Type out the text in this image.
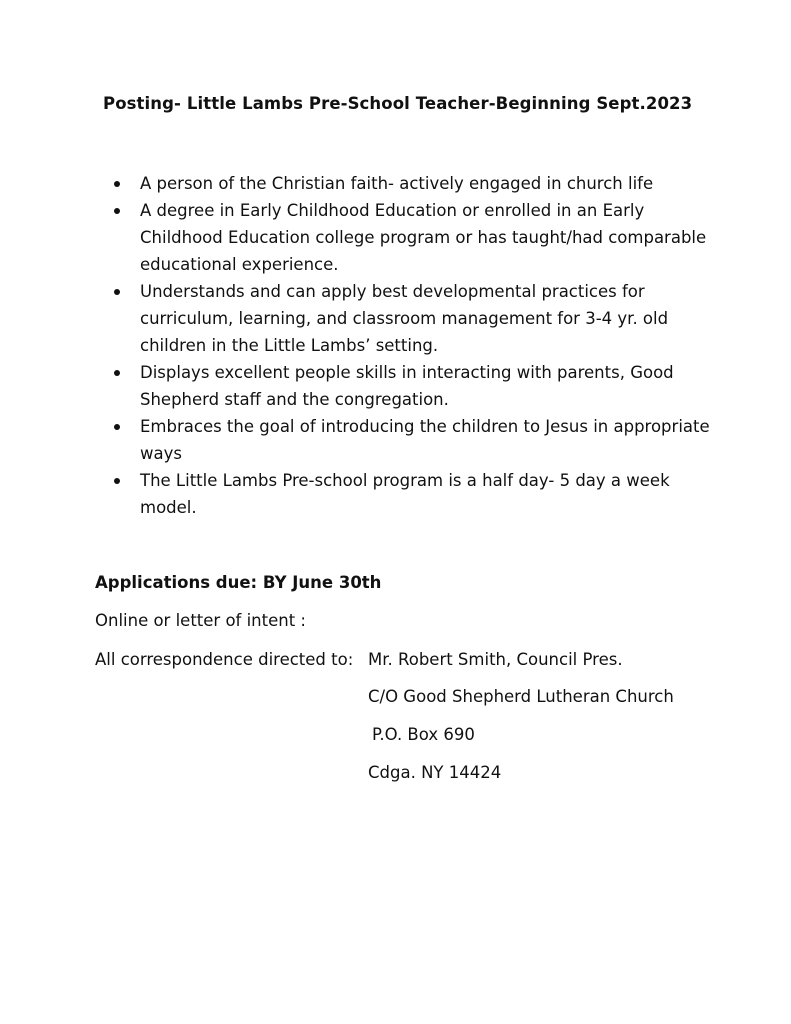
Posting- Little Lambs Pre-School Teacher-Beginning Sept.2023
A person of the Christian faith- actively engaged in church life
A degree in Early Childhood Education or enrolled in an Early Childhood Education college program or has taught/had comparable educational experience.
Understands and can apply best developmental practices for curriculum, learning, and classroom management for 3-4 yr. old children in the Little Lambs’ setting.
Displays excellent people skills in interacting with parents, Good Shepherd staff and the congregation.
Embraces the goal of introducing the children to Jesus in appropriate ways
The Little Lambs Pre-school program is a half day- 5 day a week model.
Applications due: BY June 30th
Online or letter of intent :
All correspondence directed to: Mr. Robert Smith, Council Pres.
C/O Good Shepherd Lutheran Church
P.O. Box 690
Cdga. NY 14424
